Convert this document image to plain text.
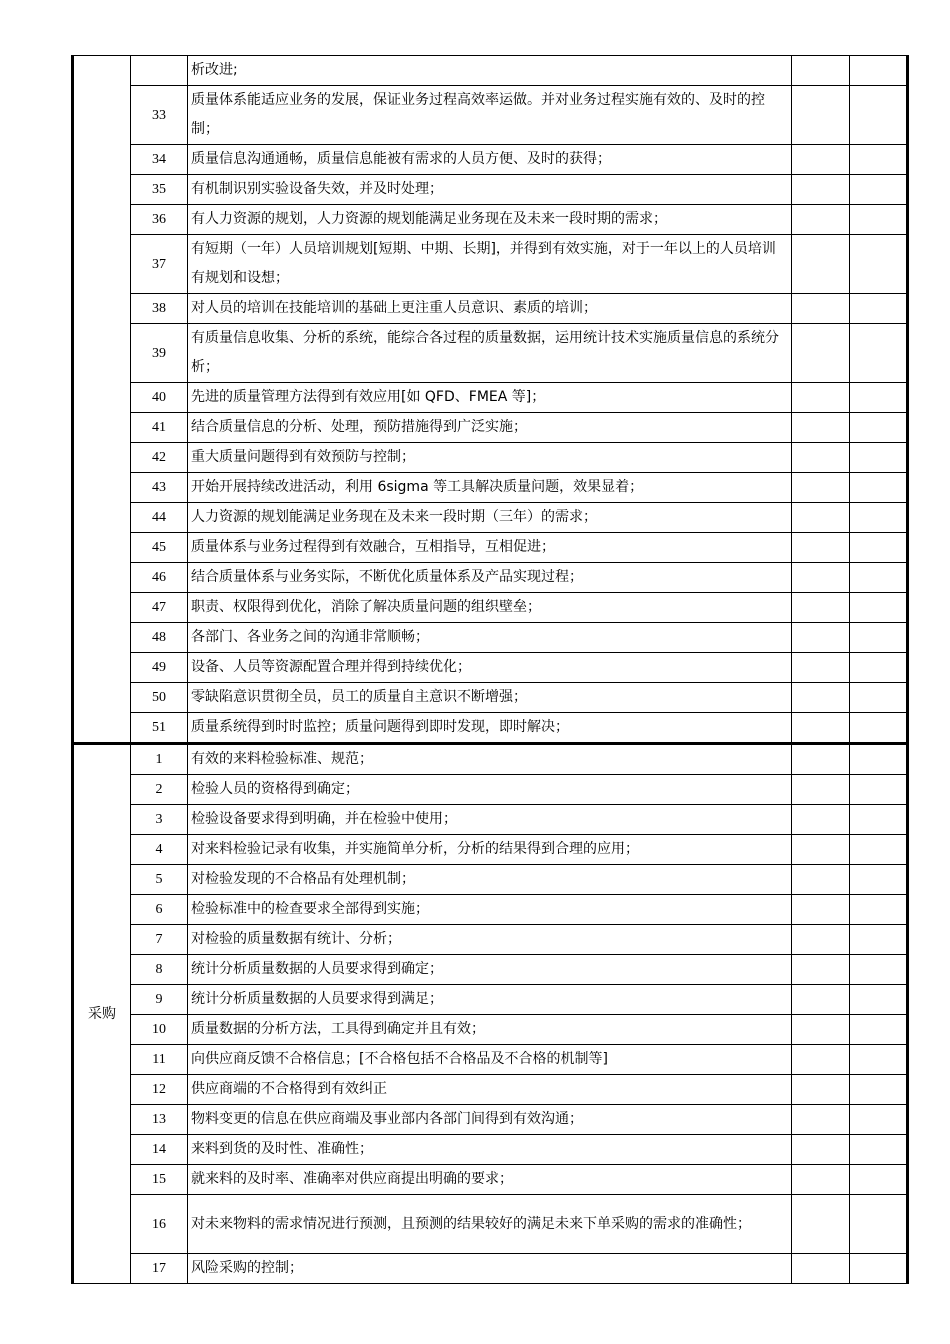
		析改进;		
	33	质量体系能适应业务的发展，保证业务过程高效率运做。并对业务过程实施有效的、及时的控制；		
	34	质量信息沟通通畅，质量信息能被有需求的人员方便、及时的获得；		
	35	有机制识别实验设备失效，并及时处理；		
	36	有人力资源的规划，人力资源的规划能满足业务现在及未来一段时期的需求；		
	37	有短期（一年）人员培训规划[短期、中期、长期]，并得到有效实施，对于一年以上的人员培训有规划和设想；		
	38	对人员的培训在技能培训的基础上更注重人员意识、素质的培训；		
	39	有质量信息收集、分析的系统，能综合各过程的质量数据，运用统计技术实施质量信息的系统分析；		
	40	先进的质量管理方法得到有效应用[如 QFD、FMEA 等]；		
	41	结合质量信息的分析、处理，预防措施得到广泛实施；		
	42	重大质量问题得到有效预防与控制；		
	43	开始开展持续改进活动，利用 6sigma 等工具解决质量问题，效果显着；		
	44	人力资源的规划能满足业务现在及未来一段时期（三年）的需求；		
	45	质量体系与业务过程得到有效融合，互相指导，互相促进；		
	46	结合质量体系与业务实际，不断优化质量体系及产品实现过程；		
	47	职责、权限得到优化，消除了解决质量问题的组织壁垒；		
	48	各部门、各业务之间的沟通非常顺畅；		
	49	设备、人员等资源配置合理并得到持续优化；		
	50	零缺陷意识贯彻全员，员工的质量自主意识不断增强；		
	51	质量系统得到时时监控；质量问题得到即时发现，即时解决；		
采购	1	有效的来料检验标准、规范；		
	2	检验人员的资格得到确定；		
	3	检验设备要求得到明确，并在检验中使用；		
	4	对来料检验记录有收集，并实施简单分析，分析的结果得到合理的应用；		
	5	对检验发现的不合格品有处理机制；		
	6	检验标准中的检查要求全部得到实施；		
	7	对检验的质量数据有统计、分析；		
	8	统计分析质量数据的人员要求得到确定；		
	9	统计分析质量数据的人员要求得到满足；		
	10	质量数据的分析方法，工具得到确定并且有效；		
	11	向供应商反馈不合格信息；[不合格包括不合格品及不合格的机制等]		
	12	供应商端的不合格得到有效纠正		
	13	物料变更的信息在供应商端及事业部内各部门间得到有效沟通；		
	14	来料到货的及时性、准确性；		
	15	就来料的及时率、准确率对供应商提出明确的要求；		
	16	对未来物料的需求情况进行预测，且预测的结果较好的满足未来下单采购的需求的准确性；		
	17	风险采购的控制；		
